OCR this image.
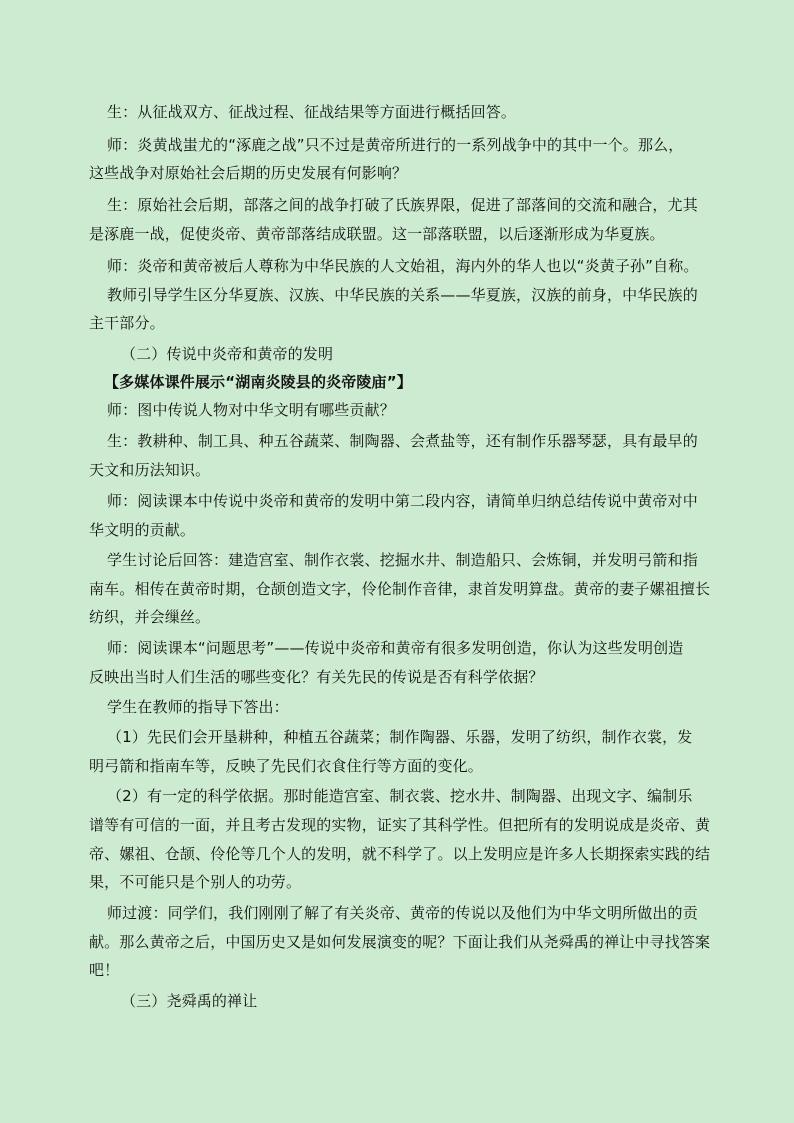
生：从征战双方、征战过程、征战结果等方面进行概括回答。
师：炎黄战蚩尤的“涿鹿之战”只不过是黄帝所进行的一系列战争中的其中一个。那么，
这些战争对原始社会后期的历史发展有何影响？
生：原始社会后期，部落之间的战争打破了氏族界限，促进了部落间的交流和融合，尤其
是涿鹿一战，促使炎帝、黄帝部落结成联盟。这一部落联盟，以后逐渐形成为华夏族。
师：炎帝和黄帝被后人尊称为中华民族的人文始祖，海内外的华人也以“炎黄子孙”自称。
教师引导学生区分华夏族、汉族、中华民族的关系——华夏族，汉族的前身，中华民族的
主干部分。
（二）传说中炎帝和黄帝的发明
【多媒体课件展示“湖南炎陵县的炎帝陵庙”】
师：图中传说人物对中华文明有哪些贡献？
生：教耕种、制工具、种五谷蔬菜、制陶器、会煮盐等，还有制作乐器琴瑟，具有最早的
天文和历法知识。
师：阅读课本中传说中炎帝和黄帝的发明中第二段内容，请简单归纳总结传说中黄帝对中
华文明的贡献。
学生讨论后回答：建造宫室、制作衣裳、挖掘水井、制造船只、会炼铜，并发明弓箭和指
南车。相传在黄帝时期，仓颉创造文字，伶伦制作音律，隶首发明算盘。黄帝的妻子嫘祖擅长
纺织，并会缫丝。
师：阅读课本“问题思考”——传说中炎帝和黄帝有很多发明创造，你认为这些发明创造
反映出当时人们生活的哪些变化？有关先民的传说是否有科学依据？
学生在教师的指导下答出：
（1）先民们会开垦耕种，种植五谷蔬菜；制作陶器、乐器，发明了纺织，制作衣裳，发
明弓箭和指南车等，反映了先民们衣食住行等方面的变化。
（2）有一定的科学依据。那时能造宫室、制衣裳、挖水井、制陶器、出现文字、编制乐
谱等有可信的一面，并且考古发现的实物，证实了其科学性。但把所有的发明说成是炎帝、黄
帝、嫘祖、仓颉、伶伦等几个人的发明，就不科学了。以上发明应是许多人长期探索实践的结
果，不可能只是个别人的功劳。
师过渡：同学们，我们刚刚了解了有关炎帝、黄帝的传说以及他们为中华文明所做出的贡
献。那么黄帝之后，中国历史又是如何发展演变的呢？下面让我们从尧舜禹的禅让中寻找答案
吧！
（三）尧舜禹的禅让
